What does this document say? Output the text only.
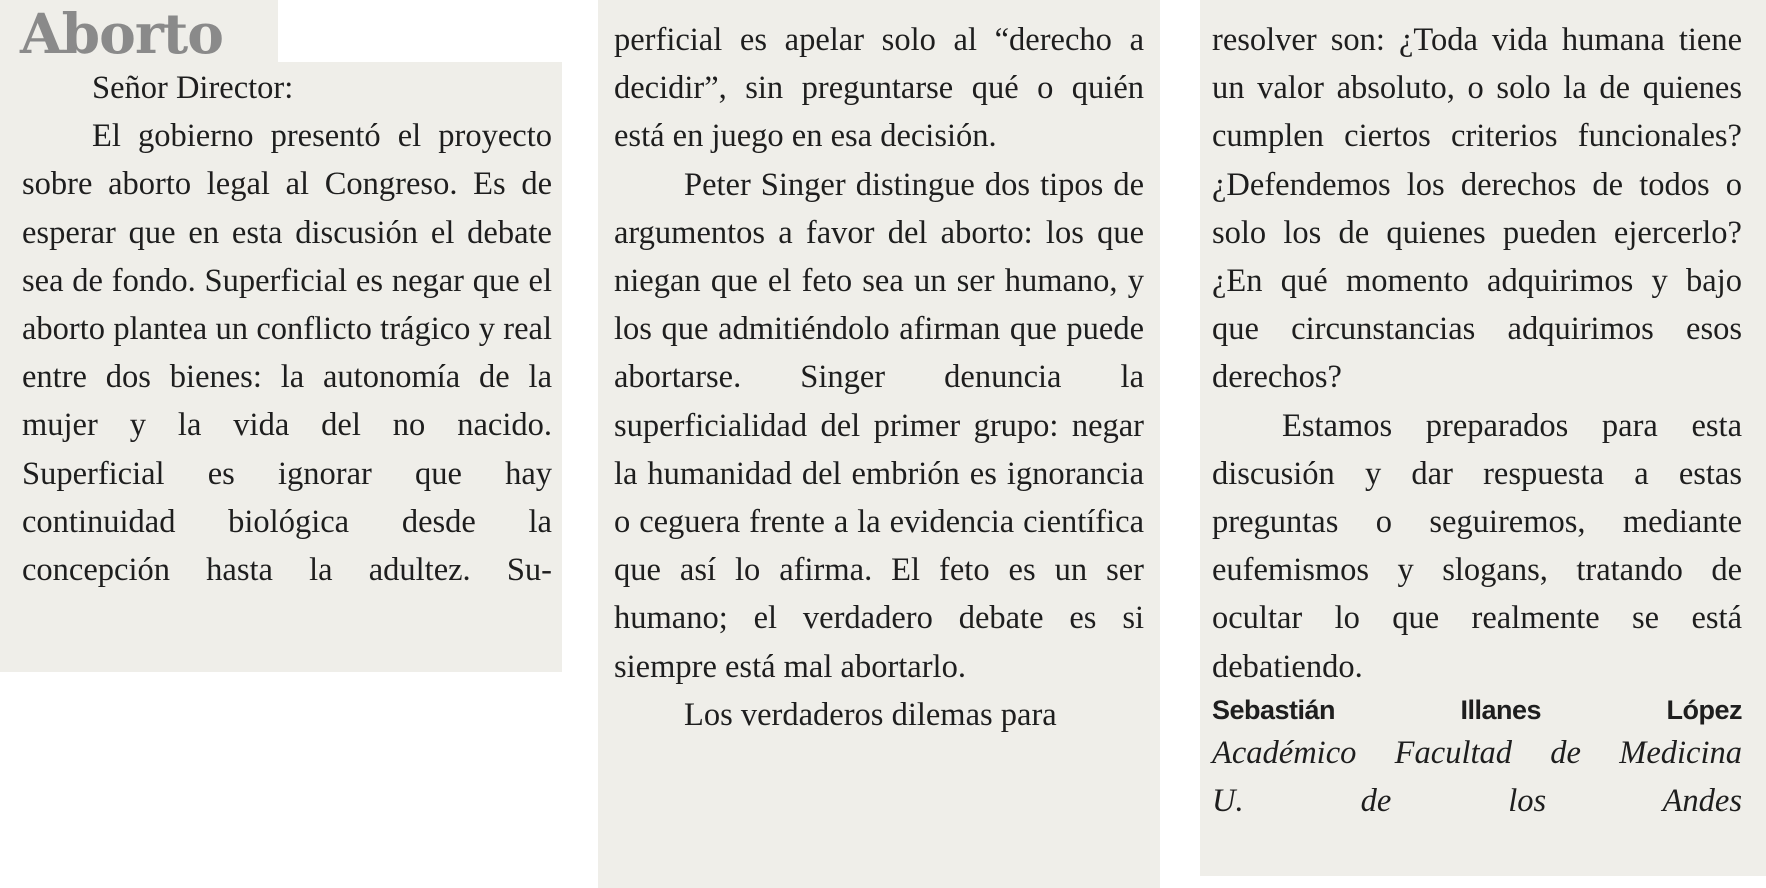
Aborto

Señor Director:

El gobierno presentó el proyecto sobre aborto legal al Congreso. Es de esperar que en esta discusión el debate sea de fondo. Superficial es negar que el aborto plantea un conflicto trágico y real entre dos bienes: la autonomía de la mujer y la vida del no nacido. Superficial es ignorar que hay continuidad biológica desde la concepción hasta la adultez. Su-

perficial es apelar solo al “derecho a decidir”, sin preguntarse qué o quién está en juego en esa decisión.

Peter Singer distingue dos tipos de argumentos a favor del aborto: los que niegan que el feto sea un ser humano, y los que admitiéndolo afirman que puede abortarse. Singer denuncia la superficialidad del primer grupo: negar la humanidad del embrión es ignorancia o ceguera frente a la evidencia científica que así lo afirma. El feto es un ser humano; el verdadero debate es si siempre está mal abortarlo.

Los verdaderos dilemas para

resolver son: ¿Toda vida humana tiene un valor absoluto, o solo la de quienes cumplen ciertos criterios funcionales? ¿Defendemos los derechos de todos o solo los de quienes pueden ejercerlo? ¿En qué momento adquirimos y bajo que circunstancias adquirimos esos derechos?

Estamos preparados para esta discusión y dar respuesta a estas preguntas o seguiremos, mediante eufemismos y slogans, tratando de ocultar lo que realmente se está debatiendo.

Sebastián Illanes López

Académico Facultad de Medicina

U. de los Andes
